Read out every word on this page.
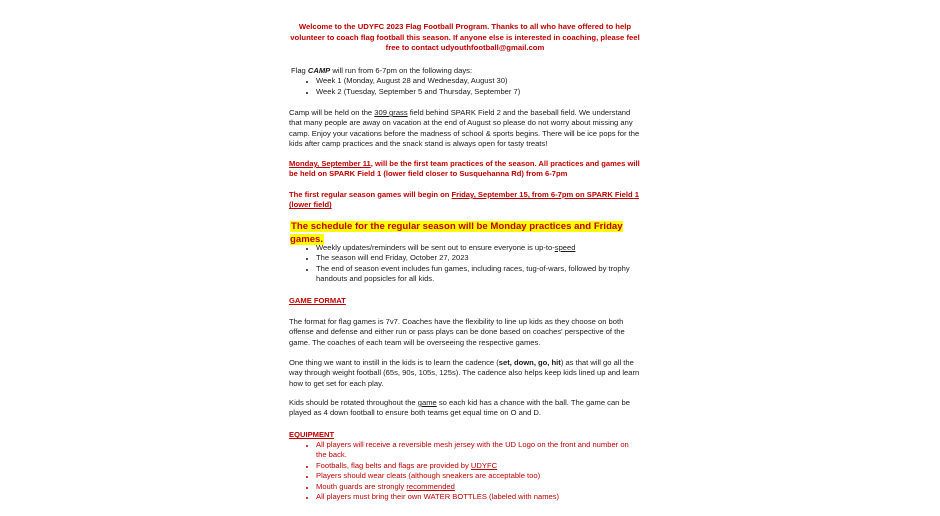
Welcome to the UDYFC 2023 Flag Football Program. Thanks to all who have offered to help volunteer to coach flag football this season. If anyone else is interested in coaching, please feel free to contact udyouthfootball@gmail.com
Flag CAMP will run from 6-7pm on the following days:
• Week 1 (Monday, August 28 and Wednesday, August 30)
• Week 2 (Tuesday, September 5 and Thursday, September 7)
Camp will be held on the 309 grass field behind SPARK Field 2 and the baseball field. We understand that many people are away on vacation at the end of August so please do not worry about missing any camp. Enjoy your vacations before the madness of school & sports begins. There will be ice pops for the kids after camp practices and the snack stand is always open for tasty treats!
Monday, September 11, will be the first team practices of the season. All practices and games will be held on SPARK Field 1 (lower field closer to Susquehanna Rd) from 6-7pm
The first regular season games will begin on Friday, September 15, from 6-7pm on SPARK Field 1 (lower field)
The schedule for the regular season will be Monday practices and Friday games.
• Weekly updates/reminders will be sent out to ensure everyone is up-to-speed
• The season will end Friday, October 27, 2023
• The end of season event includes fun games, including races, tug-of-wars, followed by trophy handouts and popsicles for all kids.
GAME FORMAT
The format for flag games is 7v7. Coaches have the flexibility to line up kids as they choose on both offense and defense and either run or pass plays can be done based on coaches' perspective of the game. The coaches of each team will be overseeing the respective games.
One thing we want to instill in the kids is to learn the cadence (set, down, go, hit) as that will go all the way through weight football (65s, 90s, 105s, 125s). The cadence also helps keep kids lined up and learn how to get set for each play.
Kids should be rotated throughout the game so each kid has a chance with the ball. The game can be played as 4 down football to ensure both teams get equal time on O and D.
EQUIPMENT
• All players will receive a reversible mesh jersey with the UD Logo on the front and number on the back.
• Footballs, flag belts and flags are provided by UDYFC
• Players should wear cleats (although sneakers are acceptable too)
• Mouth guards are strongly recommended
• All players must bring their own WATER BOTTLES (labeled with names)
